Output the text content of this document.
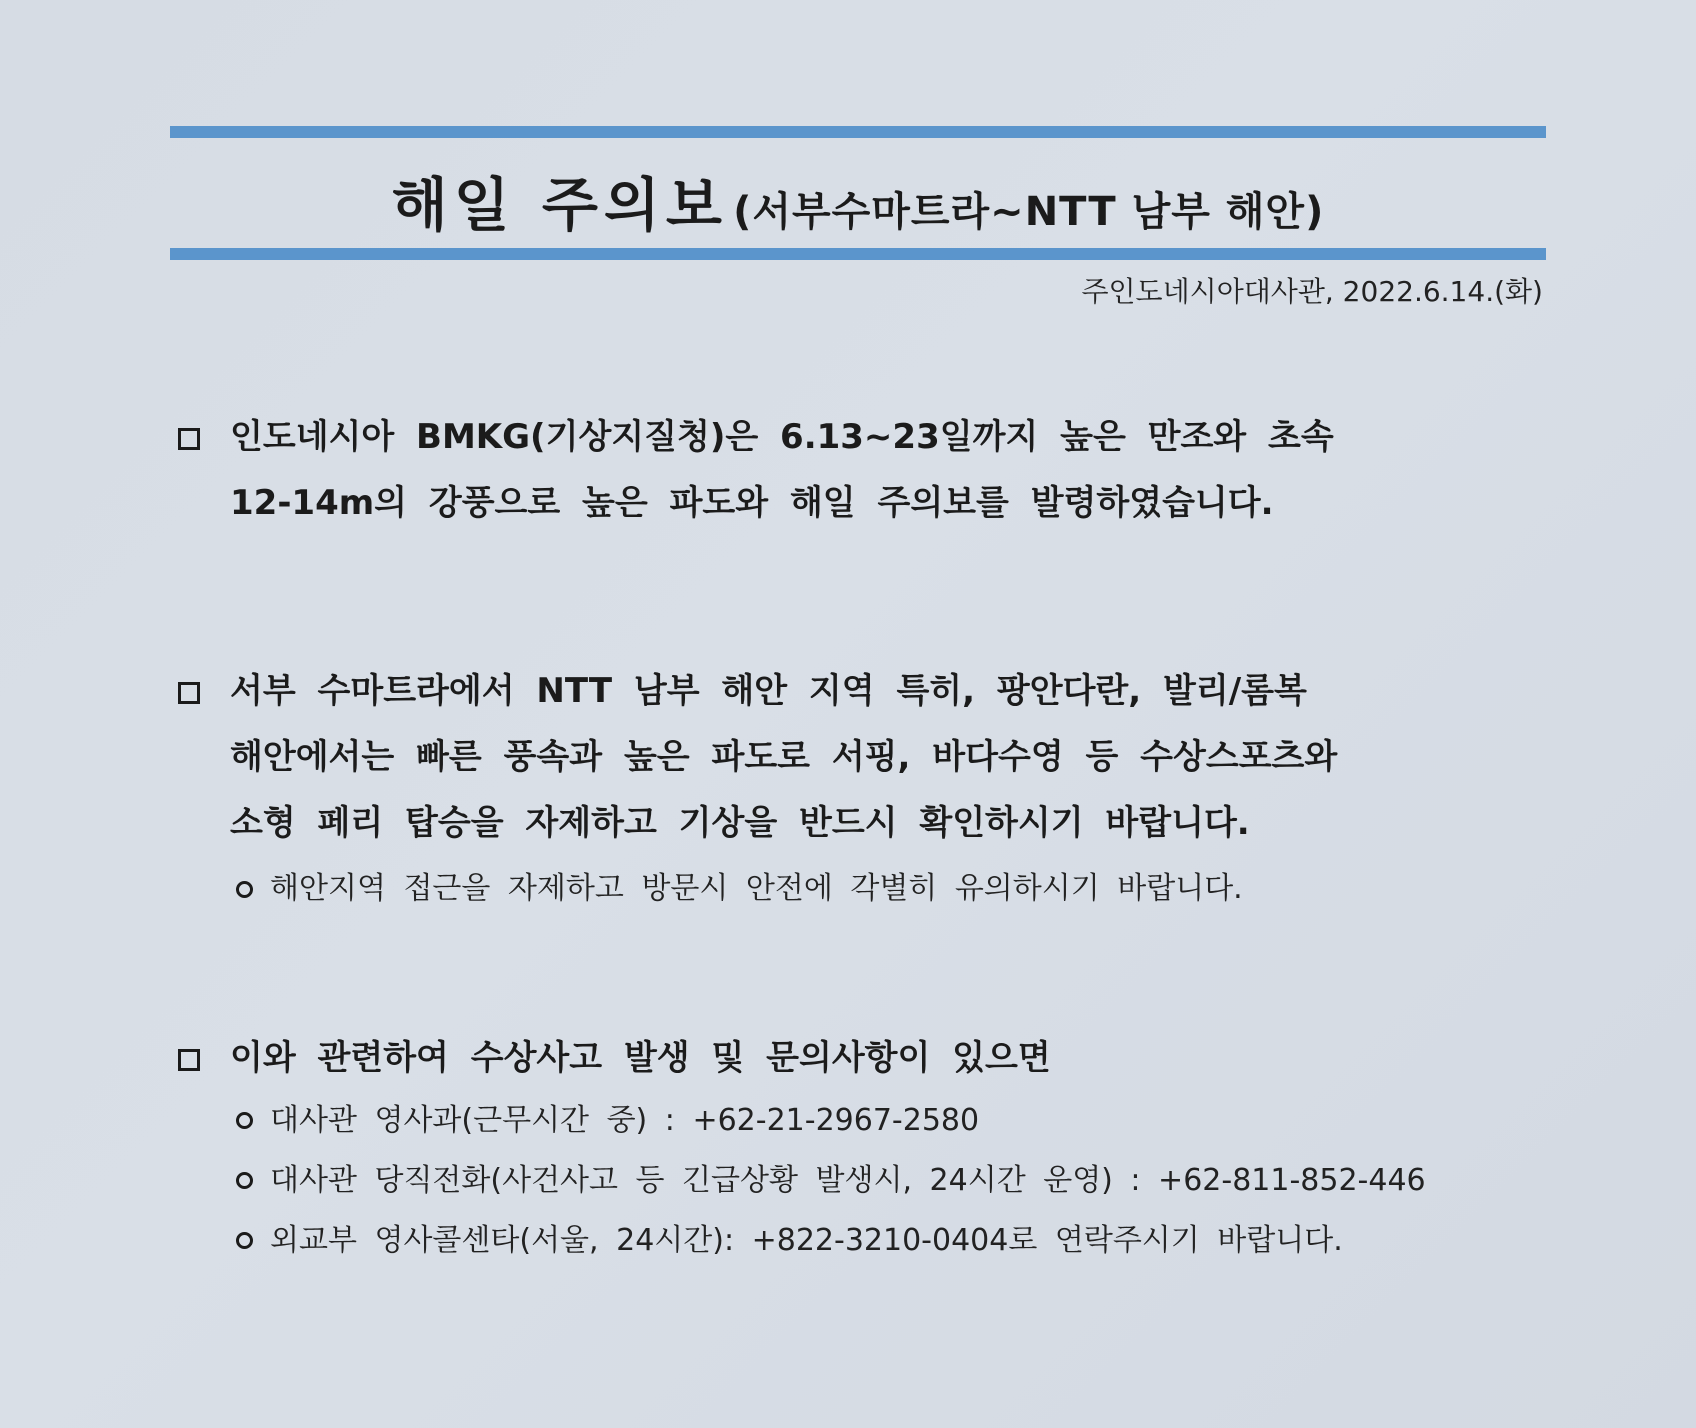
해일 주의보 (서부수마트라~NTT 남부 해안)
주인도네시아대사관, 2022.6.14.(화)
인도네시아 BMKG(기상지질청)은 6.13~23일까지 높은 만조와 초속
12-14m의 강풍으로 높은 파도와 해일 주의보를 발령하였습니다.
서부 수마트라에서 NTT 남부 해안 지역 특히, 팡안다란, 발리/롬복
해안에서는 빠른 풍속과 높은 파도로 서핑, 바다수영 등 수상스포츠와
소형 페리 탑승을 자제하고 기상을 반드시 확인하시기 바랍니다.
해안지역 접근을 자제하고 방문시 안전에 각별히 유의하시기 바랍니다.
이와 관련하여 수상사고 발생 및 문의사항이 있으면
대사관 영사과(근무시간 중) : +62-21-2967-2580
대사관 당직전화(사건사고 등 긴급상황 발생시, 24시간 운영) : +62-811-852-446
외교부 영사콜센타(서울, 24시간): +822-3210-0404로 연락주시기 바랍니다.
